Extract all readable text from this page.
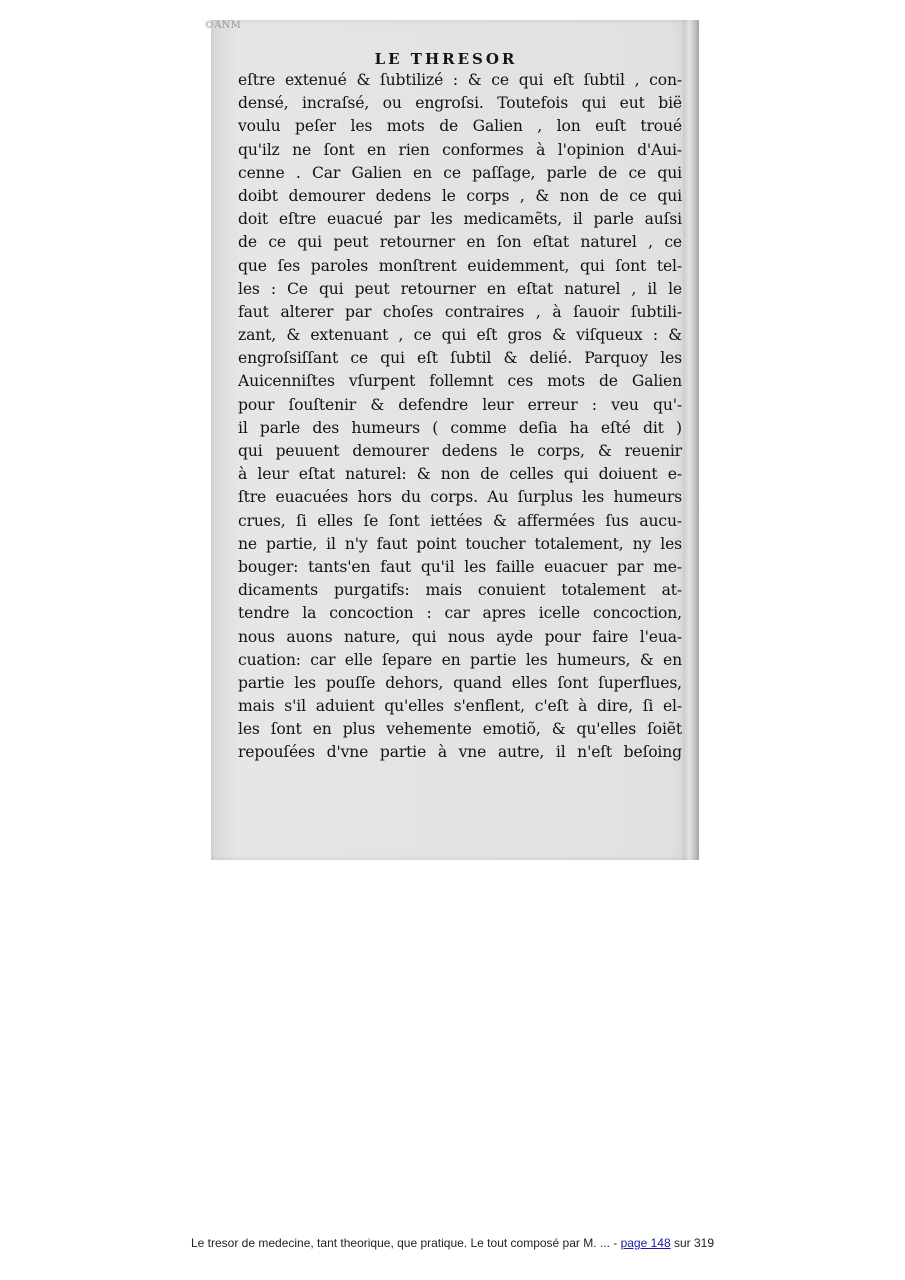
©ANM
LE THRESOR
eſtre extenué & ſubtilizé : & ce qui eſt ſubtil , con-
densé, incraſsé, ou engroſsi. Toutefois qui eut bië
voulu peſer les mots de Galien , lon euſt troué
qu'ilz ne ſont en rien conformes à l'opinion d'Aui-
cenne . Car Galien en ce paſſage, parle de ce qui
doibt demourer dedens le corps , & non de ce qui
doit eſtre euacué par les medicamẽts, il parle auſsi
de ce qui peut retourner en ſon eſtat naturel , ce
que ſes paroles monſtrent euidemment, qui ſont tel-
les : Ce qui peut retourner en eſtat naturel , il le
faut alterer par choſes contraires , à ſauoir ſubtili-
zant, & extenuant , ce qui eſt gros & viſqueux : &
engroſsiſſant ce qui eſt ſubtil & delié. Parquoy les
Auicenniſtes vſurpent follemnt ces mots de Galien
pour ſouſtenir & defendre leur erreur : veu qu'-
il parle des humeurs ( comme deſia ha eſté dit )
qui peuuent demourer dedens le corps, & reuenir
à leur eſtat naturel: & non de celles qui doiuent e-
ſtre euacuées hors du corps. Au ſurplus les humeurs
crues, ſi elles ſe ſont iettées & affermées ſus aucu-
ne partie, il n'y faut point toucher totalement, ny les
bouger: tants'en faut qu'il les faille euacuer par me-
dicaments purgatifs: mais conuient totalement at-
tendre la concoction : car apres icelle concoction,
nous auons nature, qui nous ayde pour faire l'eua-
cuation: car elle ſepare en partie les humeurs, & en
partie les pouſſe dehors, quand elles ſont ſuperflues,
mais s'il aduient qu'elles s'enflent, c'eſt à dire, ſi el-
les ſont en plus vehemente emotiõ, & qu'elles ſoiẽt
repouſées d'vne partie à vne autre, il n'eſt beſoing
Le tresor de medecine, tant theorique, que pratique. Le tout composé par M. ... - page 148 sur 319
